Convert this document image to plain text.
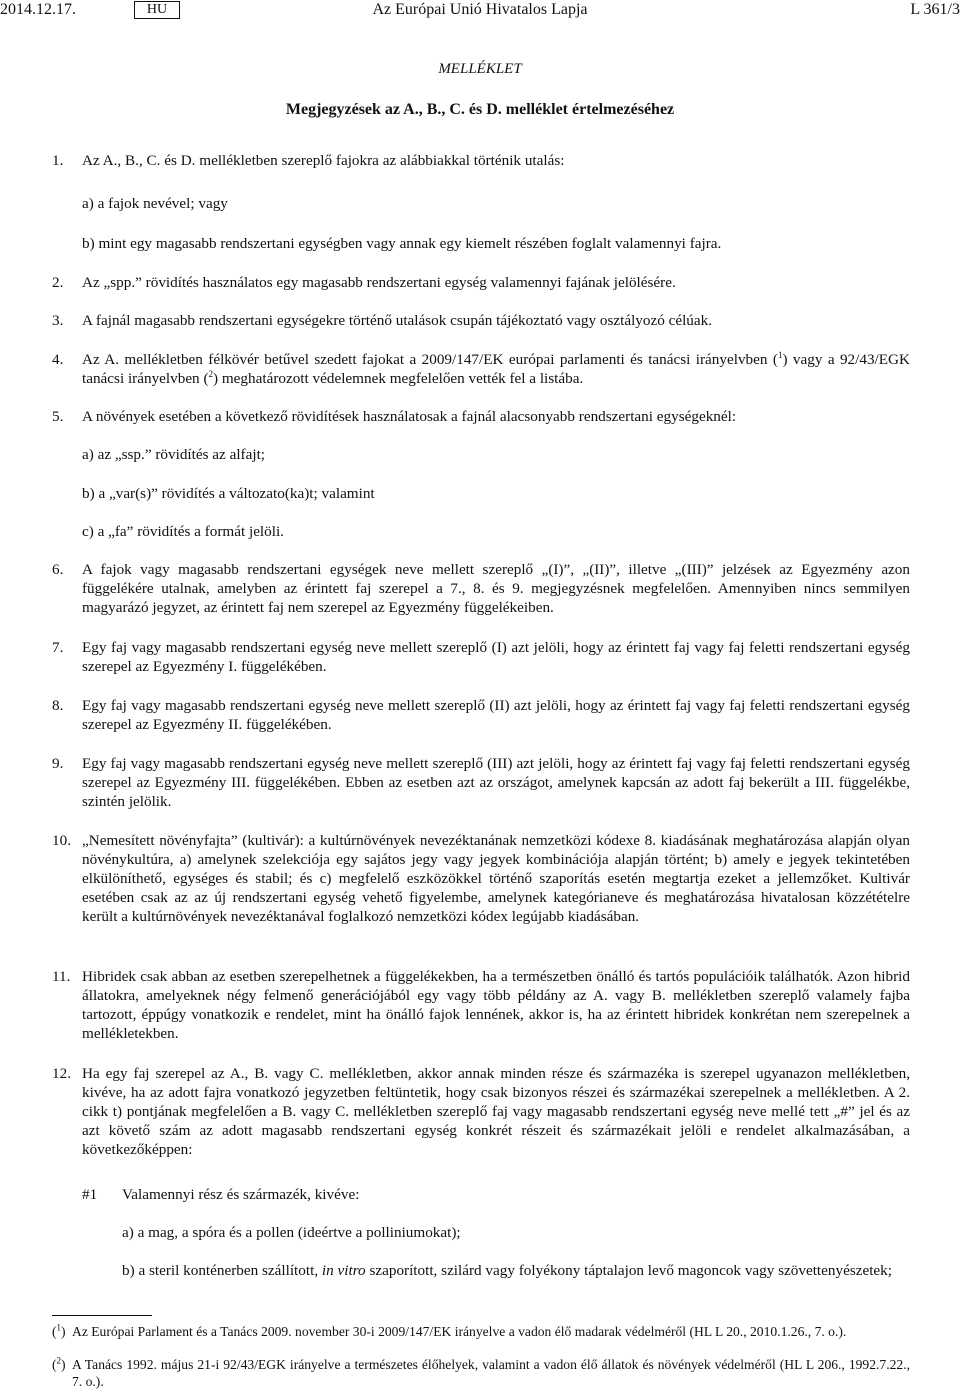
2014.12.17.	HU	Az Európai Unió Hivatalos Lapja	L 361/3
MELLÉKLET
Megjegyzések az A., B., C. és D. melléklet értelmezéséhez
1. Az A., B., C. és D. mellékletben szereplő fajokra az alábbiakkal történik utalás:
a) a fajok nevével; vagy
b) mint egy magasabb rendszertani egységben vagy annak egy kiemelt részében foglalt valamennyi fajra.
2. Az „spp.” rövidítés használatos egy magasabb rendszertani egység valamennyi fajának jelölésére.
3. A fajnál magasabb rendszertani egységekre történő utalások csupán tájékoztató vagy osztályozó célúak.
4. Az A. mellékletben félkövér betűvel szedett fajokat a 2009/147/EK európai parlamenti és tanácsi irányelvben ($^1$) vagy a 92/43/EGK tanácsi irányelvben ($^2$) meghatározott védelemnek megfelelően vették fel a listába.
5. A növények esetében a következő rövidítések használatosak a fajnál alacsonyabb rendszertani egységeknél:
a) az „ssp.” rövidítés az alfajt;
b) a „var(s)” rövidítés a változato(ka)t; valamint
c) a „fa” rövidítés a formát jelöli.
6. A fajok vagy magasabb rendszertani egységek neve mellett szereplő „(I)”, „(II)”, illetve „(III)” jelzések az Egyezmény azon függelékére utalnak, amelyben az érintett faj szerepel a 7., 8. és 9. megjegyzésnek megfelelően. Amennyiben nincs semmilyen magyarázó jegyzet, az érintett faj nem szerepel az Egyezmény függelékeiben.
7. Egy faj vagy magasabb rendszertani egység neve mellett szereplő (I) azt jelöli, hogy az érintett faj vagy faj feletti rendszertani egység szerepel az Egyezmény I. függelékében.
8. Egy faj vagy magasabb rendszertani egység neve mellett szereplő (II) azt jelöli, hogy az érintett faj vagy faj feletti rendszertani egység szerepel az Egyezmény II. függelékében.
9. Egy faj vagy magasabb rendszertani egység neve mellett szereplő (III) azt jelöli, hogy az érintett faj vagy faj feletti rendszertani egység szerepel az Egyezmény III. függelékében. Ebben az esetben azt az országot, amelynek kapcsán az adott faj bekerült a III. függelékbe, szintén jelölik.
10. „Nemesített növényfajta” (kultivár): a kultúrnövények nevezéktanának nemzetközi kódexe 8. kiadásának meghatározása alapján olyan növénykultúra, a) amelynek szelekciója egy sajátos jegy vagy jegyek kombinációja alapján történt; b) amely e jegyek tekintetében elkülöníthető, egységes és stabil; és c) megfelelő eszközökkel történő szaporítás esetén megtartja ezeket a jellemzőket. Kultivár esetében csak az az új rendszertani egység vehető figyelembe, amelynek kategórianeve és meghatározása hivatalosan közzétételre került a kultúrnövények nevezéktanával foglalkozó nemzetközi kódex legújabb kiadásában.
11. Hibridek csak abban az esetben szerepelhetnek a függelékekben, ha a természetben önálló és tartós populációik találhatók. Azon hibrid állatokra, amelyeknek négy felmenő generációjából egy vagy több példány az A. vagy B. mellékletben szereplő valamely fajba tartozott, éppúgy vonatkozik e rendelet, mint ha önálló fajok lennének, akkor is, ha az érintett hibridek konkrétan nem szerepelnek a mellékletekben.
12. Ha egy faj szerepel az A., B. vagy C. mellékletben, akkor annak minden része és származéka is szerepel ugyanazon mellékletben, kivéve, ha az adott fajra vonatkozó jegyzetben feltüntetik, hogy csak bizonyos részei és származékai szerepelnek a mellékletben. A 2. cikk t) pontjának megfelelően a B. vagy C. mellékletben szereplő faj vagy magasabb rendszertani egység neve mellé tett „#” jel és az azt követő szám az adott magasabb rendszertani egység konkrét részeit és származékait jelöli e rendelet alkalmazásában, a következőképpen:
#1 Valamennyi rész és származék, kivéve:
a) a mag, a spóra és a pollen (ideértve a polliniumokat);
b) a steril konténerben szállított, in vitro szaporított, szilárd vagy folyékony táptalajon levő magoncok vagy szövettenyészetek;
($^1$) Az Európai Parlament és a Tanács 2009. november 30-i 2009/147/EK irányelve a vadon élő madarak védelméről (HL L 20., 2010.1.26., 7. o.).
($^2$) A Tanács 1992. május 21-i 92/43/EGK irányelve a természetes élőhelyek, valamint a vadon élő állatok és növények védelméről (HL L 206., 1992.7.22., 7. o.).
